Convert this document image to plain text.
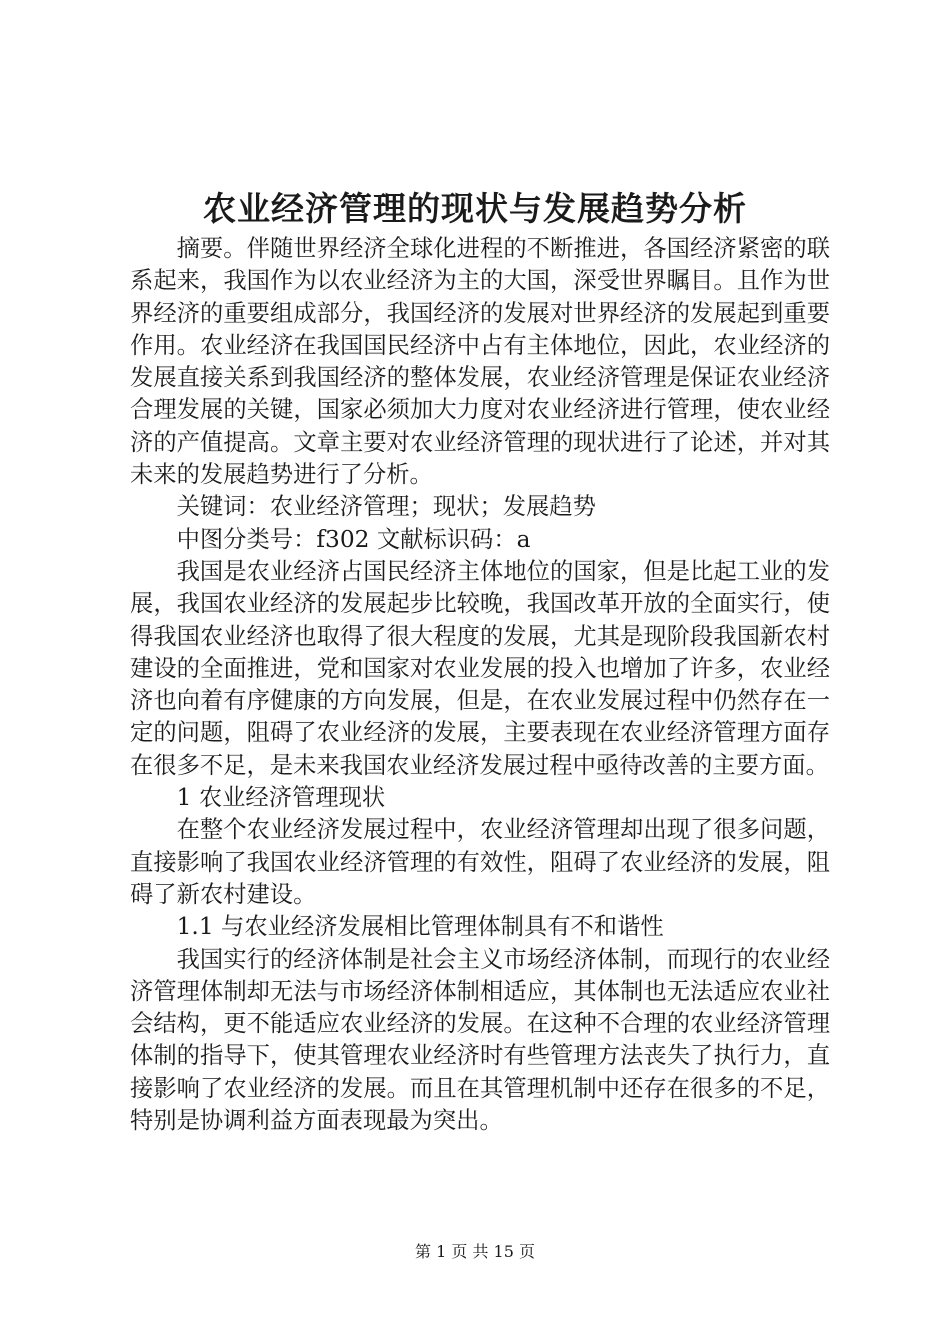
农业经济管理的现状与发展趋势分析

摘要。伴随世界经济全球化进程的不断推进，各国经济紧密的联系起来，我国作为以农业经济为主的大国，深受世界瞩目。且作为世界经济的重要组成部分，我国经济的发展对世界经济的发展起到重要作用。农业经济在我国国民经济中占有主体地位，因此，农业经济的发展直接关系到我国经济的整体发展，农业经济管理是保证农业经济合理发展的关键，国家必须加大力度对农业经济进行管理，使农业经济的产值提高。文章主要对农业经济管理的现状进行了论述，并对其未来的发展趋势进行了分析。

关键词：农业经济管理；现状；发展趋势

中图分类号：f302 文献标识码：a

我国是农业经济占国民经济主体地位的国家，但是比起工业的发展，我国农业经济的发展起步比较晚，我国改革开放的全面实行，使得我国农业经济也取得了很大程度的发展，尤其是现阶段我国新农村建设的全面推进，党和国家对农业发展的投入也增加了许多，农业经济也向着有序健康的方向发展，但是，在农业发展过程中仍然存在一定的问题，阻碍了农业经济的发展，主要表现在农业经济管理方面存在很多不足，是未来我国农业经济发展过程中亟待改善的主要方面。

1 农业经济管理现状

在整个农业经济发展过程中，农业经济管理却出现了很多问题，直接影响了我国农业经济管理的有效性，阻碍了农业经济的发展，阻碍了新农村建设。

1.1 与农业经济发展相比管理体制具有不和谐性

我国实行的经济体制是社会主义市场经济体制，而现行的农业经济管理体制却无法与市场经济体制相适应，其体制也无法适应农业社会结构，更不能适应农业经济的发展。在这种不合理的农业经济管理体制的指导下，使其管理农业经济时有些管理方法丧失了执行力，直接影响了农业经济的发展。而且在其管理机制中还存在很多的不足，特别是协调利益方面表现最为突出。

第 1 页 共 15 页
